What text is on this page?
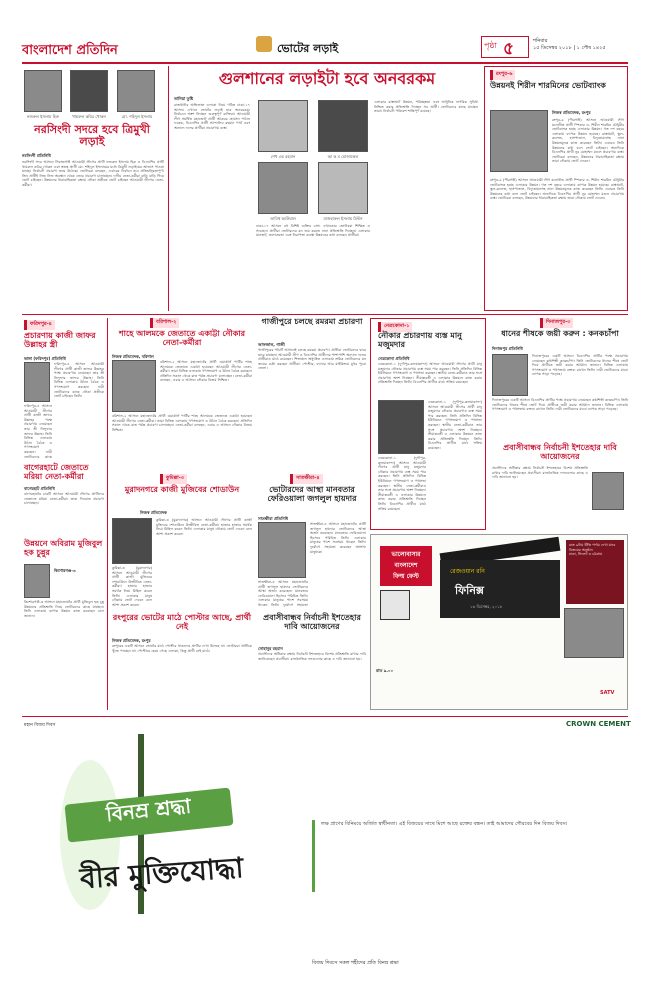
বাংলাদেশ প্রতিদিন	ভোটের লড়াই	পৃষ্ঠা ৫	শনিবার
১৫ ডিসেম্বর ২০১৮ | ১ পৌষ ১৪২৫
নজরুল ইসলাম হিরু	খায়রুল কবির খোকন	মো. শহিদুল ইসলাম
নরসিংদী সদরে হবে ত্রিমুখী লড়াই
নরসিংদী প্রতিনিধি
নরসিংদী সদর আসনে সিরাজগঞ্জ আওয়ামী লীগের প্রার্থী নজরুল ইসলাম হিরু ও বিএনপির প্রার্থী খায়রুল কবির খোকন এবং স্বতন্ত্র প্রার্থী মো. শহিদুল ইসলামের মধ্যে ত্রিমুখী লড়াইয়ের আভাস পাওয়া যাচ্ছে। নির্বাচনী প্রচারণা জমে উঠেছে। ভোটাররা বলছেন, এবারের নির্বাচন হবে প্রতিদ্বন্দ্বিতাপূর্ণ। তিন প্রার্থীই নিজ নিজ অবস্থান থেকে জোর প্রচারণা চালাচ্ছেন। দলীয় নেতা-কর্মীরা বাড়ি বাড়ি গিয়ে ভোট চাইছেন। উন্নয়নের ধারাবাহিকতা রক্ষায় নৌকা প্রতীকে ভোট চাইছেন আওয়ামী লীগের নেতা-কর্মীরা।
গুলশানের লড়াইটা হবে অনবরকম
তানিয়া তুষ্টি
রাজধানীর অভিজাত এলাকা নিয়ে গঠিত ঢাকা-১৭ আসন। এখানে ভোটের লড়াই হবে অনবরকম। নির্বাচনে অংশ নিচ্ছেন গুরুত্বপূর্ণ ব্যক্তিরা। আওয়ামী লীগ সমর্থিত মহাজোট প্রার্থী আকবর হোসেন পাঠান ফারুক, বিএনপির প্রার্থী আন্দালিব রহমান পার্থ এবং অন্যান্য দলের প্রার্থীরা প্রচারণায় ব্যস্ত।
শেখ এম রহমান	আ ক ম মোজাম্মেল
তাবিথ আউয়াল	মাজহারুল ইসলাম মিল্টন
ঢাকা-১৭ আসনে বহু বিশিষ্ট ব্যক্তির বাস। এখানকার ভোটাররা শিক্ষিত ও সচেতন। প্রার্থীরা ভোটারদের মন জয় করতে নানা প্রতিশ্রুতি দিচ্ছেন। এলাকার যানজট, জলাবদ্ধতা এবং নিরাপত্তা ব্যবস্থা উন্নয়নের কথা বলছেন প্রার্থীরা।
এলাকার রাস্তাঘাট উন্নয়ন, পরিচ্ছন্নতা এবং আধুনিক নাগরিক সুবিধা নিশ্চিত করার প্রতিশ্রুতি দিচ্ছেন সব প্রার্থী। ভোটারদের কাছে যাচ্ছেন তারা। নির্বাচনী পরিবেশ শান্তিপূর্ণ রয়েছে।
রংপুর-৬
উন্নয়নই শিরীন শারমিনের ভোটব্যাংক
নিজস্ব প্রতিবেদক, রংপুর
রংপুর-৬ (পীরগঞ্জ) আসনে আওয়ামী লীগ মনোনীত প্রার্থী স্পিকার ড. শিরীন শারমিন চৌধুরীর ভোটব্যাংক হচ্ছে এলাকার উন্নয়ন। গত দশ বছরে এলাকায় ব্যাপক উন্নয়ন হয়েছে। রাস্তাঘাট, স্কুল-কলেজ, হাসপাতাল, বিদ্যুতায়নসহ নানা উন্নয়নমূলক কাজ করেছেন তিনি। এবারও তিনি উন্নয়নের কথা বলে ভোট চাইছেন। অন্যদিকে বিএনপির প্রার্থী নূর মোহাম্মদ মণ্ডল প্রচারণায় ব্যস্ত। ভোটাররা বলছেন, উন্নয়নের ধারাবাহিকতা রক্ষায় তারা নৌকায় ভোট দেবেন।
রংপুর-৬ (পীরগঞ্জ) আসনে আওয়ামী লীগ মনোনীত প্রার্থী স্পিকার ড. শিরীন শারমিন চৌধুরীর ভোটব্যাংক হচ্ছে এলাকার উন্নয়ন। গত দশ বছরে এলাকায় ব্যাপক উন্নয়ন হয়েছে। রাস্তাঘাট, স্কুল-কলেজ, হাসপাতাল, বিদ্যুতায়নসহ নানা উন্নয়নমূলক কাজ করেছেন তিনি। এবারও তিনি উন্নয়নের কথা বলে ভোট চাইছেন। অন্যদিকে বিএনপির প্রার্থী নূর মোহাম্মদ মণ্ডল প্রচারণায় ব্যস্ত। ভোটাররা বলছেন, উন্নয়নের ধারাবাহিকতা রক্ষায় তারা নৌকায় ভোট দেবেন।
ফরিদপুর-৪
প্রচারণায় কাজী জাফর উল্লাহর স্ত্রী
ভাঙ্গা (ফরিদপুর) প্রতিনিধি
ফরিদপুর-৪ আসনে আওয়ামী লীগের প্রার্থী কাজী জাফর উল্লাহর পক্ষে প্রচারণায় নেমেছেন তার স্ত্রী নিলুফার জাফর উল্লাহ। তিনি বিভিন্ন এলাকায় উঠান বৈঠক ও গণসংযোগ করছেন। নারী ভোটারদের কাছে নৌকা প্রতীকে ভোট চাইছেন তিনি।
ফরিদপুর-৪ আসনে আওয়ামী লীগের প্রার্থী কাজী জাফর উল্লাহর পক্ষে প্রচারণায় নেমেছেন তার স্ত্রী নিলুফার জাফর উল্লাহ। তিনি বিভিন্ন এলাকায় উঠান বৈঠক ও গণসংযোগ করছেন। নারী ভোটারদের কাছে
বাগেরহাটে জেতাতে মরিয়া নেতা-কর্মীরা
বাগেরহাট প্রতিনিধি
বাগেরহাটের চারটি আসনে আওয়ামী লীগের প্রার্থীদের জেতাতে মরিয়া নেতা-কর্মীরা। তারা দিনরাত প্রচারণা চালাচ্ছেন।
উন্নয়নে অবিরাম মুজিবুল হক চুন্নুর
কিশোরগঞ্জ-৩
কিশোরগঞ্জ-৩ আসনে মহাজোটের প্রার্থী মুজিবুল হক চুন্নু উন্নয়নের প্রতিশ্রুতি নিয়ে ভোটারদের কাছে যাচ্ছেন। তিনি এলাকায় ব্যাপক উন্নয়ন কাজ করেছেন বলে জানান।
বরিশাল-২
শাহে আলমকে জেতাতে একাট্টা নৌকার নেতা-কর্মীরা
নিজস্ব প্রতিবেদক, বরিশাল
বরিশাল-২ আসনে মহাজোটের প্রার্থী ওয়ার্কার্স পার্টির শাহে আলমকে জেতাতে একাট্টা হয়েছেন আওয়ামী লীগের নেতা-কর্মীরা। তারা বিভিন্ন এলাকায় গণসংযোগ ও উঠান বৈঠক করছেন। প্রতিদিন সকাল থেকে রাত পর্যন্ত প্রচারণা চালাচ্ছেন। নেতা-কর্মীরা বলছেন, এবার এ আসনে নৌকার বিজয় নিশ্চিত।
বরিশাল-২ আসনে মহাজোটের প্রার্থী ওয়ার্কার্স পার্টির শাহে আলমকে জেতাতে একাট্টা হয়েছেন আওয়ামী লীগের নেতা-কর্মীরা। তারা বিভিন্ন এলাকায় গণসংযোগ ও উঠান বৈঠক করছেন। প্রতিদিন সকাল থেকে রাত পর্যন্ত প্রচারণা চালাচ্ছেন। নেতা-কর্মীরা বলছেন, এবার এ আসনে নৌকার বিজয় নিশ্চিত।
গাজীপুরে চলছে রমরমা প্রচারণা
আফজাল, গাজী
গাজীপুরের পাঁচটি আসনেই চলছে রমরমা প্রচারণা। প্রার্থীরা ভোটারদের দ্বারে দ্বারে যাচ্ছেন। আওয়ামী লীগ ও বিএনপির প্রার্থীদের পাশাপাশি অন্যান্য দলের প্রার্থীরাও মাঠে রয়েছেন। শিল্পাঞ্চল অধ্যুষিত এলাকায় শ্রমিক ভোটারদের মন জয়ের চেষ্টা করছেন প্রার্থীরা। পোস্টার, ব্যানার আর মাইকিংয়ে মুখর পুরো জেলা।
নেত্রকোনা-১
নৌকার প্রচারণায় ব্যস্ত মানু মজুমদার
নেত্রকোনা প্রতিনিধি
নেত্রকোনা-১ (দুর্গাপুর-কলমাকান্দা) আসনে আওয়ামী লীগের প্রার্থী মানু মজুমদার নৌকার প্রচারণায় ব্যস্ত সময় পার করছেন। তিনি প্রতিদিন বিভিন্ন ইউনিয়নে গণসংযোগ ও পথসভা করছেন। স্থানীয় নেতা-কর্মীরাও তার সঙ্গে প্রচারণায় অংশ নিচ্ছেন। সীমান্তবর্তী এ এলাকার উন্নয়নে কাজ করার প্রতিশ্রুতি দিচ্ছেন তিনি। বিএনপির প্রার্থীও মাঠে সক্রিয় রয়েছেন।
নেত্রকোনা-১ (দুর্গাপুর-কলমাকান্দা) আসনে আওয়ামী লীগের প্রার্থী মানু মজুমদার নৌকার প্রচারণায় ব্যস্ত সময় পার করছেন। তিনি প্রতিদিন বিভিন্ন ইউনিয়নে গণসংযোগ ও পথসভা করছেন। স্থানীয় নেতা-কর্মীরাও তার সঙ্গে প্রচারণায় অংশ নিচ্ছেন। সীমান্তবর্তী এ এলাকার উন্নয়নে কাজ করার প্রতিশ্রুতি দিচ্ছেন তিনি। বিএনপির প্রার্থীও মাঠে সক্রিয় রয়েছেন।
নেত্রকোনা-১ (দুর্গাপুর-কলমাকান্দা) আসনে আওয়ামী লীগের প্রার্থী মানু মজুমদার নৌকার প্রচারণায় ব্যস্ত সময় পার করছেন। তিনি প্রতিদিন বিভিন্ন ইউনিয়নে গণসংযোগ ও পথসভা করছেন। স্থানীয় নেতা-কর্মীরাও তার সঙ্গে প্রচারণায় অংশ নিচ্ছেন। সীমান্তবর্তী এ এলাকার উন্নয়নে কাজ করার প্রতিশ্রুতি দিচ্ছেন তিনি। বিএনপির প্রার্থীও মাঠে সক্রিয় রয়েছেন।
দিনাজপুর-৩
ধানের শীষকে জয়ী করুন : কনকচাঁপা
দিনাজপুর প্রতিনিধি
দিনাজপুরের একটি আসনে বিএনপির প্রার্থীর পক্ষে প্রচারণায় নেমেছেন কণ্ঠশিল্পী কনকচাঁপা। তিনি ভোটারদের ধানের শীষে ভোট দিয়ে প্রার্থীকে জয়ী করার আহ্বান জানান। বিভিন্ন এলাকায় গণসংযোগ ও পথসভায় বক্তব্য রাখেন তিনি। নারী ভোটারদের মাঝে ব্যাপক সাড়া পড়েছে।
দিনাজপুরের একটি আসনে বিএনপির প্রার্থীর পক্ষে প্রচারণায় নেমেছেন কণ্ঠশিল্পী কনকচাঁপা। তিনি ভোটারদের ধানের শীষে ভোট দিয়ে প্রার্থীকে জয়ী করার আহ্বান জানান। বিভিন্ন এলাকায় গণসংযোগ ও পথসভায় বক্তব্য রাখেন তিনি। নারী ভোটারদের মাঝে ব্যাপক সাড়া পড়েছে।
প্রবাসীবান্ধব নির্বাচনী ইশতেহার দাবি আয়োজনের
প্রবাসীদের অধিকার রক্ষায় নির্বাচনী ইশতেহারে বিশেষ প্রতিশ্রুতি রাখার দাবি জানিয়েছেন প্রবাসীরা। রাজনৈতিক দলগুলোর কাছে এ দাবি জানানো হয়।
কুমিল্লা-৩
মুরাদনগরে কাজী মুজিবের শোডাউন
নিজস্ব প্রতিবেদক
কুমিল্লা-৩ (মুরাদনগর) আসনে আওয়ামী লীগের প্রার্থী কাজী মুজিবের শোডাউনে উজ্জীবিত নেতা-কর্মীরা। হাজার হাজার সমর্থক নিয়ে মিছিল করেন তিনি। এলাকার মানুষ নৌকায় ভোট দেবেন বলে আশা প্রকাশ করেন।
কুমিল্লা-৩ (মুরাদনগর) আসনে আওয়ামী লীগের প্রার্থী কাজী মুজিবের শোডাউনে উজ্জীবিত নেতা-কর্মীরা। হাজার হাজার সমর্থক নিয়ে মিছিল করেন তিনি। এলাকার মানুষ নৌকায় ভোট দেবেন বলে আশা প্রকাশ করেন।
সাতক্ষীরা-৪
ভোটারদের আস্থা মানবতার ফেরিওয়ালা জগলুল হায়দার
সাতক্ষীরা প্রতিনিধি
সাতক্ষীরা-৪ আসনে মহাজোটের প্রার্থী জগলুল হায়দার ভোটারদের আস্থা অর্জন করেছেন। মানবতার ফেরিওয়ালা হিসেবে পরিচিত তিনি। এলাকার মানুষের পাশে সবসময় থাকেন তিনি। দুর্যোগে সহায়তা করেছেন অসংখ্য মানুষকে।
সাতক্ষীরা-৪ আসনে মহাজোটের প্রার্থী জগলুল হায়দার ভোটারদের আস্থা অর্জন করেছেন। মানবতার ফেরিওয়ালা হিসেবে পরিচিত তিনি। এলাকার মানুষের পাশে সবসময় থাকেন তিনি। দুর্যোগে সহায়তা
রংপুরের ভোটের মাঠে পোস্টার আছে, প্রার্থী নেই
নিজস্ব প্রতিবেদক, রংপুর
রংপুরের একটি আসনে ভোটের মাঠে পোস্টার থাকলেও প্রার্থীর দেখা মিলছে না। ভোটাররা প্রার্থীকে খুঁজে পাচ্ছেন না। পোস্টারে ছেয়ে গেছে এলাকা, কিন্তু প্রার্থী নেই মাঠে।
প্রবাসীবান্ধব নির্বাচনী ইশতেহার দাবি আয়োজনের
সোহানুর রহমান
প্রবাসীদের অধিকার রক্ষায় নির্বাচনী ইশতেহারে বিশেষ প্রতিশ্রুতি রাখার দাবি জানিয়েছেন প্রবাসীরা। রাজনৈতিক দলগুলোর কাছে এ দাবি জানানো হয়।
ভালোবাসার বাংলাদেশ
ফিল্ম ফেস্ট
রেজওয়ান রনি
ফিনিক্স
১৬ ডিসেম্বর, ২০১৮
রাত ৯.০০
রাত ৯টায় টিভি পর্দায় দেখা যাবে বিজয়ের অনুষ্ঠান
ঢাকা, সিলেট ও চট্টগ্রাম
SATV
মহান বিজয় দিবস	CROWN CEMENT
বিনম্র শ্রদ্ধা
বীর মুক্তিযোদ্ধা
লক্ষ প্রাণের বিনিময়ে অর্জিত স্বাধীনতা। এই বিজয়ের সাথে মিশে আছে রক্তের বন্ধন। তাই আমাদের গৌরবের দিন বিজয় দিবস।
বিজয় দিবসে সকল শহীদের প্রতি বিনম্র শ্রদ্ধা
